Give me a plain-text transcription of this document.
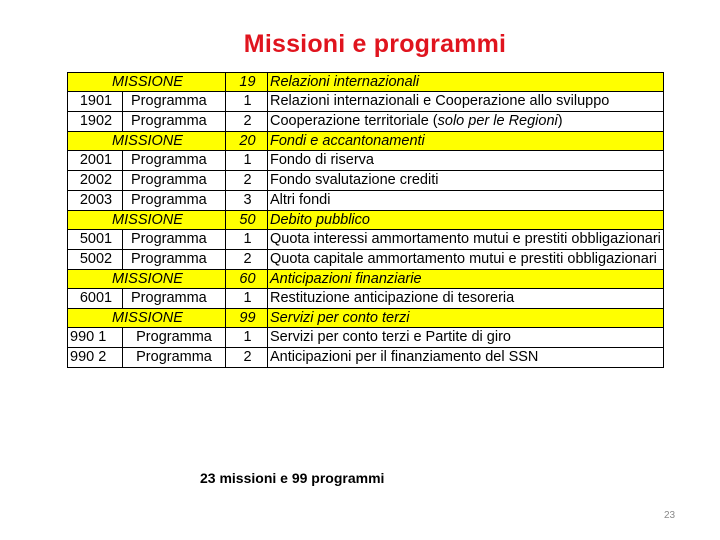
Missioni e programmi
MISSIONE		19	Relazioni internazionali
1901	Programma	1	Relazioni internazionali e Cooperazione allo sviluppo
1902	Programma	2	Cooperazione territoriale (solo per le Regioni)
MISSIONE		20	Fondi e accantonamenti
2001	Programma	1	Fondo di riserva
2002	Programma	2	Fondo svalutazione crediti
2003	Programma	3	Altri fondi
MISSIONE		50	Debito pubblico
5001	Programma	1	Quota interessi ammortamento mutui e prestiti obbligazionari
5002	Programma	2	Quota capitale ammortamento mutui e prestiti obbligazionari
MISSIONE		60	Anticipazioni finanziarie
6001	Programma	1	Restituzione anticipazione di tesoreria
MISSIONE		99	Servizi per conto terzi
990 1	Programma	1	Servizi per conto terzi e Partite di giro
990 2	Programma	2	Anticipazioni per il finanziamento del SSN
23 missioni e 99 programmi
23
